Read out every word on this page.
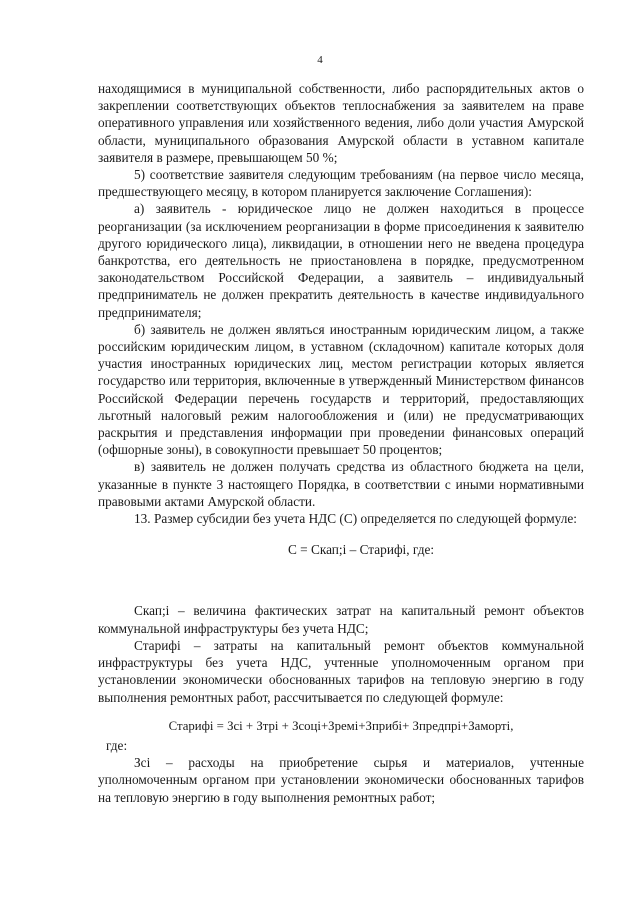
4

находящимися в муниципальной собственности, либо распорядительных актов о закреплении соответствующих объектов теплоснабжения за заявителем на праве оперативного управления или хозяйственного ведения, либо доли участия Амурской области, муниципального образования Амурской области в уставном капитале заявителя в размере, превышающем 50 %;

5) соответствие заявителя следующим требованиям (на первое число месяца, предшествующего месяцу, в котором планируется заключение Соглашения):

а) заявитель - юридическое лицо не должен находиться в процессе реорганизации (за исключением реорганизации в форме присоединения к заявителю другого юридического лица), ликвидации, в отношении него не введена процедура банкротства, его деятельность не приостановлена в порядке, предусмотренном законодательством Российской Федерации, а заявитель – индивидуальный предприниматель не должен прекратить деятельность в качестве индивидуального предпринимателя;

б) заявитель не должен являться иностранным юридическим лицом, а также российским юридическим лицом, в уставном (складочном) капитале которых доля участия иностранных юридических лиц, местом регистрации которых является государство или территория, включенные в утвержденный Министерством финансов Российской Федерации перечень государств и территорий, предоставляющих льготный налоговый режим налогообложения и (или) не предусматривающих раскрытия и представления информации при проведении финансовых операций (офшорные зоны), в совокупности превышает 50 процентов;

в) заявитель не должен получать средства из областного бюджета на цели, указанные в пункте 3 настоящего Порядка, в соответствии с иными нормативными правовыми актами Амурской области.

13. Размер субсидии без учета НДС (С) определяется по следующей формуле:

С = Скап;і – Старифі, где:

Скап;і – величина фактических затрат на капитальный ремонт объектов коммунальной инфраструктуры без учета НДС;

Старифі – затраты на капитальный ремонт объектов коммунальной инфраструктуры без учета НДС, учтенные уполномоченным органом при установлении экономически обоснованных тарифов на тепловую энергию в году выполнения ремонтных работ, рассчитывается по следующей формуле:

Старифі = Зсі + Зтрі + Зсоці+Зремі+Зприбі+ Зпредпрі+Заморті,

где:

Зсі – расходы на приобретение сырья и материалов, учтенные уполномоченным органом при установлении экономически обоснованных тарифов на тепловую энергию в году выполнения ремонтных работ;
